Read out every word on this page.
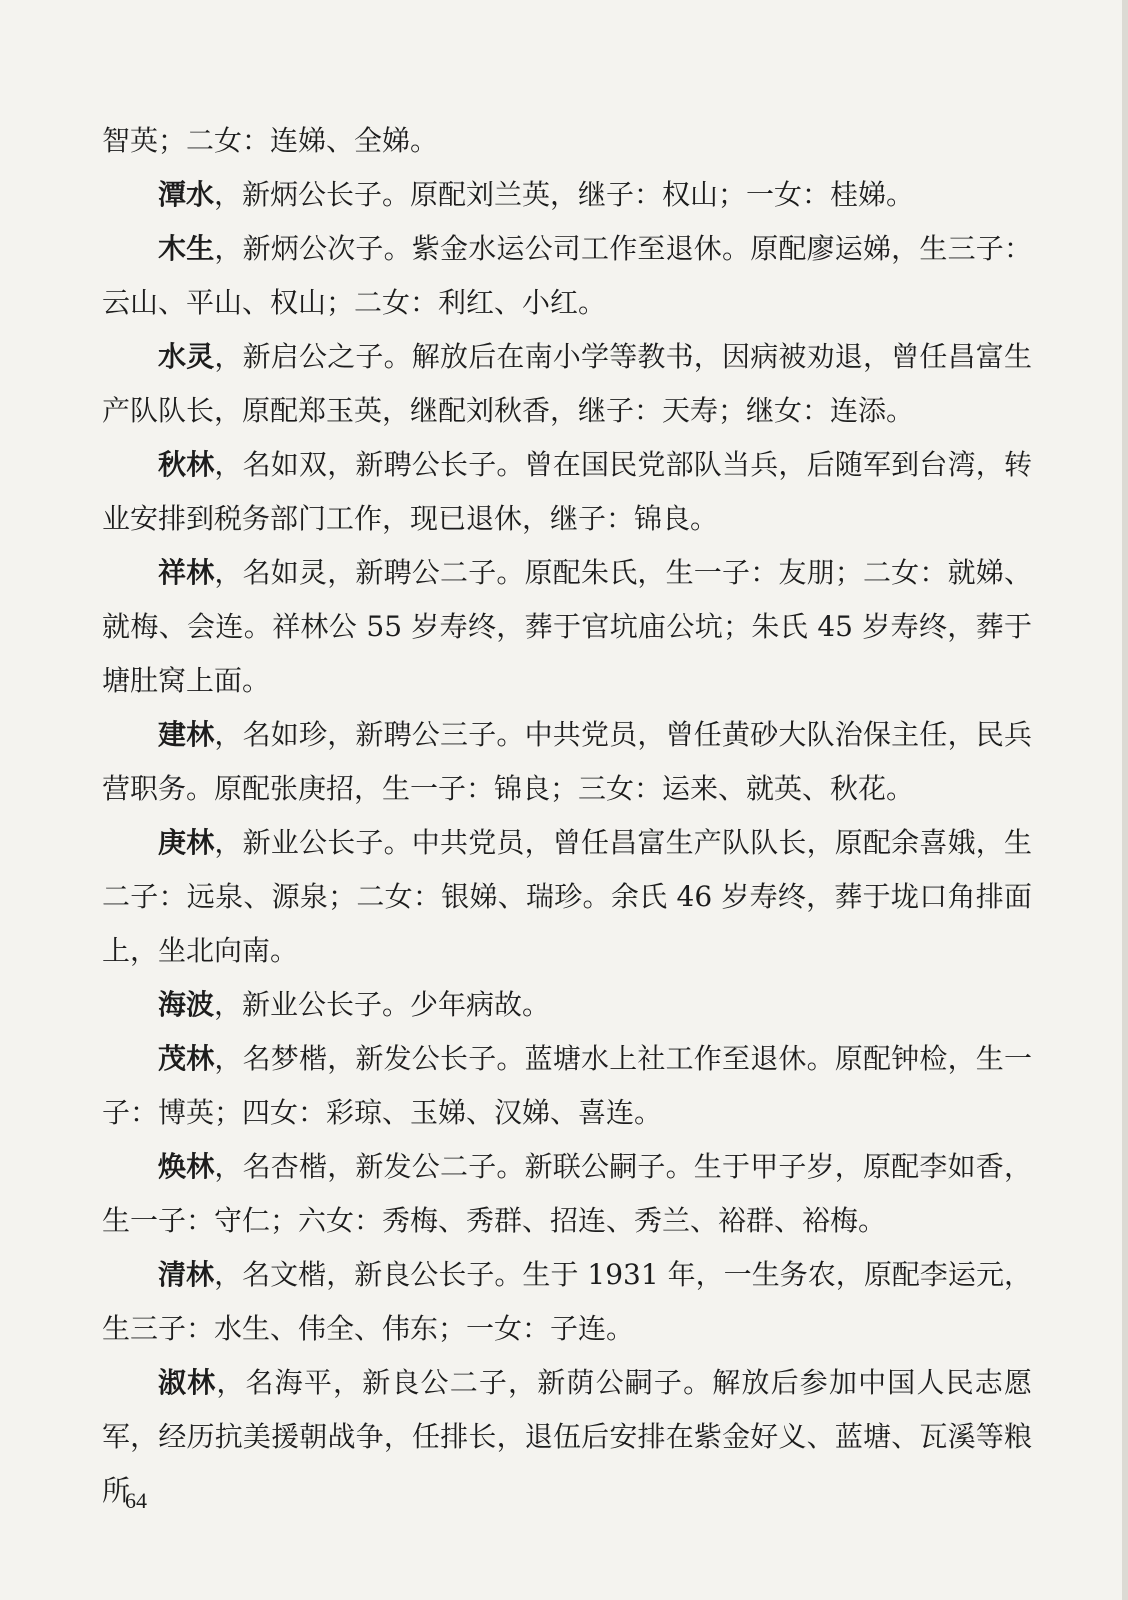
智英；二女：连娣、全娣。

潭水，新炳公长子。原配刘兰英，继子：权山；一女：桂娣。

木生，新炳公次子。紫金水运公司工作至退休。原配廖运娣，生三子：云山、平山、权山；二女：利红、小红。

水灵，新启公之子。解放后在南小学等教书，因病被劝退，曾任昌富生产队队长，原配郑玉英，继配刘秋香，继子：天寿；继女：连添。

秋林，名如双，新聘公长子。曾在国民党部队当兵，后随军到台湾，转业安排到税务部门工作，现已退休，继子：锦良。

祥林，名如灵，新聘公二子。原配朱氏，生一子：友朋；二女：就娣、就梅、会连。祥林公 55 岁寿终，葬于官坑庙公坑；朱氏 45 岁寿终，葬于塘肚窝上面。

建林，名如珍，新聘公三子。中共党员，曾任黄砂大队治保主任，民兵营职务。原配张庚招，生一子：锦良；三女：运来、就英、秋花。

庚林，新业公长子。中共党员，曾任昌富生产队队长，原配余喜娥，生二子：远泉、源泉；二女：银娣、瑞珍。余氏 46 岁寿终，葬于垅口角排面上，坐北向南。

海波，新业公长子。少年病故。

茂林，名梦楷，新发公长子。蓝塘水上社工作至退休。原配钟检，生一子：博英；四女：彩琼、玉娣、汉娣、喜连。

焕林，名杏楷，新发公二子。新联公嗣子。生于甲子岁，原配李如香，生一子：守仁；六女：秀梅、秀群、招连、秀兰、裕群、裕梅。

清林，名文楷，新良公长子。生于 1931 年，一生务农，原配李运元，生三子：水生、伟全、伟东；一女：子连。

淑林，名海平，新良公二子，新荫公嗣子。解放后参加中国人民志愿军，经历抗美援朝战争，任排长，退伍后安排在紫金好义、蓝塘、瓦溪等粮所

64
